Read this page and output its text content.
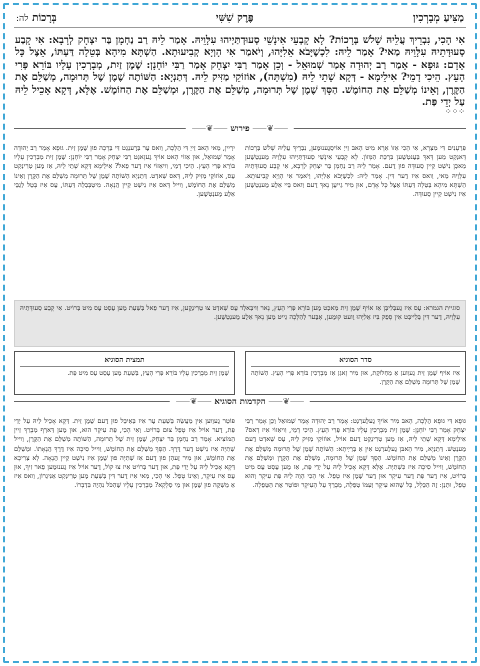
מַצִּיעַ מְבָרְכִין
פֶּרֶק שִׁשִּׁי
בְּרָכוֹת לה:
אִי הָכִי, נִבְרֵיךְ עֲלֵיהּ שָׁלֹשׁ בְּרָכוֹת? לָא קָבְעֵי אִינָשֵׁי סְעוּדְתַּיְיהוּ עִלָּוֵיהּ. אָמַר לֵיהּ רַב נַחְמָן בַּר יִצְחָק לְרָבָא: אִי קָבַע סְעוּדָּתֵיהּ עִלָּוֵיהּ מַאי? אָמַר לֵיהּ: לִכְשֶׁיָּבֹא אֵלִיָּהוּ, וְיֹאמַר אִי הָוְיָא קְבִיעוּתָא. הַשְׁתָּא מִיהָא בְּטֵלָה דַּעְתּוֹ, אֵצֶל כָּל אָדָם: גּוּפָא - אָמַר רַב יְהוּדָה אָמַר שְׁמוּאֵל - וְכֵן אָמַר רַבִּי יִצְחָק אָמַר רַבִּי יוֹחָנָן: שֶׁמֶן זַיִת, מְבָרְכִין עָלָיו בּוֹרֵא פְּרִי הָעֵץ. הֵיכִי דָמֵי? אִילֵימָא - דְּקָא שָׁתֵי לֵיהּ (מִשְׁתָּה), אוֹזוֹקֵי מַזִּיק לֵיהּ. דְּתַנְיָא: הַשּׁוֹתֶה שֶׁמֶן שֶׁל תְּרוּמָה, מְשַׁלֵּם אֶת הַקֶּרֶן, וְאֵינוֹ מְשַׁלֵּם אֶת הַחוֹמֶשׁ. הַסָּךְ שֶׁמֶן שֶׁל תְּרוּמָה, מְשַׁלֵּם אֶת הַקֶּרֶן, וּמְשַׁלֵּם אֶת הַחוֹמֶשׁ. אֶלָּא, דְּקָא אָכֵיל לֵיהּ עַל יְדֵי פַּת.
⁘⁘⁘
⸺❦⸺ פירוש ⸺❦⸺
פִּרְעָנִים דִּי מִצְרָא, אִי הָכִי אַזוֹ אַרָא מִיט הָאבּ זַייְ אוֹיסְגֶענוּמֶען, נִבְרֵיךְ עֲלֵיהּ שָׁלֹשׁ בְּרָכוֹת דָּאנְקְט מַען דָּאךְ בְּעֶנטְשֶׁען בִּרְכַּת הַמָּזוֹן. לָא קָבְעֵי אִינָשֵׁי סְעוּדְתַּיְיהוּ עִלָּוֵיהּ מֶענְטְשֶׁען מַאכְן נִישְׁט קֵיין סְעוּדָּה פוּן דֶעם. אָמַר לֵיהּ רַב נַחְמָן בַּר יִצְחָק לְרָבָא, אִי קָבַע סְעוּדָּתֵיהּ עִלָּוֵיהּ מַאי, וַואס אִיז דֶער דִּין. אָמַר לֵיהּ: לִכְשֶׁיָּבֹא אֵלִיָּהוּ, וְיֹאמַר אִי הָוְיָא קְבִיעוּתָא. הַשְׁתָּא מִיהָא בְּטֵלָה דַּעְתּוֹ אֵצֶל כָּל אָדָם, אוּן מִיר גֵייעֶן נָאךְ דֶעם וַואס בַּיי אַלֶע מֶענְטְשֶׁען אִיז נִישְׁט קֵיין סְעוּדָּה.
יִרְיִין, מַאי הָאבּ זַייְ דִּי הֲלָכָה, וַואס עֶר בְּרֶענְגְט דִּי בְּרָכָה פוּן שֶׁמֶן זַיִת. גּוּפָא אָמַר רַב יְהוּדָה אָמַר שְׁמוּאֵל, אוּן אַזוֹי הָאט אוֹיךְ גֶעזָאגְט רַבִּי יִצְחָק אָמַר רַבִּי יוֹחָנָן: שֶׁמֶן זַיִת מְבָרְכִין עָלָיו בּוֹרֵא פְּרִי הָעֵץ. הֵיכִי דָמֵי, וִויאַזוֹי אִיז דֶער פַאל? אִילֵימָא דְּקָא שָׁתֵי לֵיהּ, אַז מֶען טְרִינְקְט עֶס, אוֹזוֹקֵי מַזִּיק לֵיהּ, דָּאס שַׁאדְט. דְּתַנְיָא הַשּׁוֹתֶה שֶׁמֶן שֶׁל תְּרוּמָה מְשַׁלֵּם אֶת הַקֶּרֶן וְאֵינוֹ מְשַׁלֵּם אֶת הַחוֹמֶשׁ, וַוייל דָּאס אִיז נִישְׁט קֵיין הֲנָאָה. מִיטְבָּבְלֵה דַּעְתּוֹ, עֶס אִיז בָּטֵל לְגַבֵּי אַלֶע מֶענְטְשֶׁען.
סוגיית הגמרא: עֶס אִיז גֶעבְּלִיבְּן אַז אוֹיף שֶׁמֶן זַיִת מַאכְט מֶען בּוֹרֵא פְּרִי הָעֵץ, נָאר וִויבַּאלְד עֶס שַׁאדְט צוּ טְרִינְקֶען, אִיז דֶער פַאל בְּשַׁעַת מֶען עֶסְט עֶס מִיט בְּרוֹיט. אִי קָבַע סְעוּדָּתֵיהּ עִלָּוֵיהּ, דֶער דִּין בְּלֵייבְּט אִין סָפֵק בִּיז אֵלִיָּהוּ וֶועט קוּמֶען, אָבֶּער לְהַלָּכָה גֵייט מֶען נָאךְ אַלֶע מֶענְטְשֶׁען.
סדר הסוגיא
אִיז אוֹיף שֶׁמֶן זַיִת גֶעוֵוען אַ מַחְלוֹקֶת, אוּן מִיר זָאגְן אַז מְבָרְכִין בּוֹרֵא פְּרִי הָעֵץ. הַשּׁוֹתֶה שֶׁמֶן שֶׁל תְּרוּמָה מְשַׁלֵּם אֶת הַקֶּרֶן.
תמצית הסוגיא
שֶׁמֶן זַיִת מְבָרְכִין עָלָיו בּוֹרֵא פְּרִי הָעֵץ, בְּשַׁעַת מֶען עֶסְט עֶס מִיט פַּת.
⸺❦⸺ הקדמות הסוגיא ⸺❦⸺
גּוּפָא דִּי גּוּפָא הֲלָכָה, הָאבּ מִיר אוֹיךְ גֶעלֶערְנְט: אָמַר רַב יְהוּדָה אָמַר שְׁמוּאֵל וְכֵן אָמַר רַבִּי יִצְחָק אָמַר רַבִּי יוֹחָנָן: שֶׁמֶן זַיִת מְבָרְכִין עָלָיו בּוֹרֵא פְּרִי הָעֵץ. הֵיכִי דָמֵי, וִויאַזוֹי אִיז דָאס? אִילֵימָא דְּקָא שָׁתֵי לֵיהּ, אַז מֶען טְרִינְקְט דֶעם אוֹיל, אוֹזוֹקֵי מַזִּיק לֵיהּ, עֶס שַׁאדְט דֶעם מֶענְטְשׁ. דְּתַנְיָא, מִיר הָאבּן גֶעלֶערְנְט אִין אַ בְּרַיְיתָא: הַשּׁוֹתֶה שֶׁמֶן שֶׁל תְּרוּמָה מְשַׁלֵּם אֶת הַקֶּרֶן וְאֵינוֹ מְשַׁלֵּם אֶת הַחוֹמֶשׁ. הַסָּךְ שֶׁמֶן שֶׁל תְּרוּמָה, מְשַׁלֵּם אֶת הַקֶּרֶן וּמְשַׁלֵּם אֶת הַחוֹמֶשׁ, וַוייל סִיכָה אִיז כִּשְׁתִיָּה. אֶלָּא דְּקָא אָכֵיל לֵיהּ עַל יְדֵי פַּת, אַז מֶען עֶסְט עֶס מִיט בְּרוֹיט, אִיז דֶער פַּת דֶער עִיקָר אוּן דֶער שֶׁמֶן אִיז טָפֵל. אִי הָכִי הָוֵה לֵיהּ פַּת עִיקָר וְהוּא טָפֵל, וּתְנַן: זֶה הַכְּלָל, כָּל שֶׁהוּא עִיקָר וְעִמּוֹ טְפֵלָה, מְבָרֵךְ עַל הָעִיקָר וּפוֹטֵר אֶת הַטְּפֵלָה.
פּוֹטֵר גֶעוֵוען אִין מַעֲשֵׂה בְּשַׁעַת עֶר אִיז בְּאֵיבַל פוּן דֶעם שֶׁמֶן זַיִת. דְּקָא אָכֵיל לֵיהּ עַל יְדֵי פַּת, דֶער אוֹיל אִיז טָפֵל צוּם בְּרוֹיט. וְאִי הָכִי, פַּת עִיקָר הוּא, אוּן מֶען דַּארְף מְבָרֵךְ זַיין הַמּוֹצִיא. אָמַר רַב נַחְמָן בַּר יִצְחָק, שֶׁמֶן זַיִת שֶׁל תְּרוּמָה, הַשּׁוֹתֶה מְשַׁלֵּם אֶת הַקֶּרֶן, וַוייל שְׁתִיָּה אִיז נִישְׁט דֶער דֶּרֶךְ. הַסָּךְ מְשַׁלֵּם אֶת הַחוֹמֶשׁ, וַוייל סִיכָה אִיז דֶּרֶךְ הֲנָאָתוֹ. וּמְשַׁלֵּם אֶת הַחוֹמֶשׁ, אוּן מִיר זֶעהְן פוּן דֶעם אַז שְׁתִיָּה פוּן שֶׁמֶן אִיז נִישְׁט קֵיין הֲנָאָה. לָא צְרִיכָא דְּקָא אָכֵיל לֵיהּ עַל יְדֵי פַּת, אוּן דֶער בְּרוֹיט אִיז צוּ קוֹל, דֶער אוֹיל אִיז גֶענוּמֶען פַאר זִיךְ, אוּן עֶס אִיז עִיקָר, וְאֵינוֹ טָפֵל. אִי הָכִי, מַאי אִיז דֶער דִּין בְּשַׁעַת מֶען טְרִינְקְט אַנִּיגְרוֹן, וַואס אִיז אַ מַשְׁקֶה פוּן שֶׁמֶן אוּן מֵי סְלָקָא? מְבָרְכִין עָלָיו שֶׁהַכֹּל נִהְיֶה בִּדְבָרוֹ.
